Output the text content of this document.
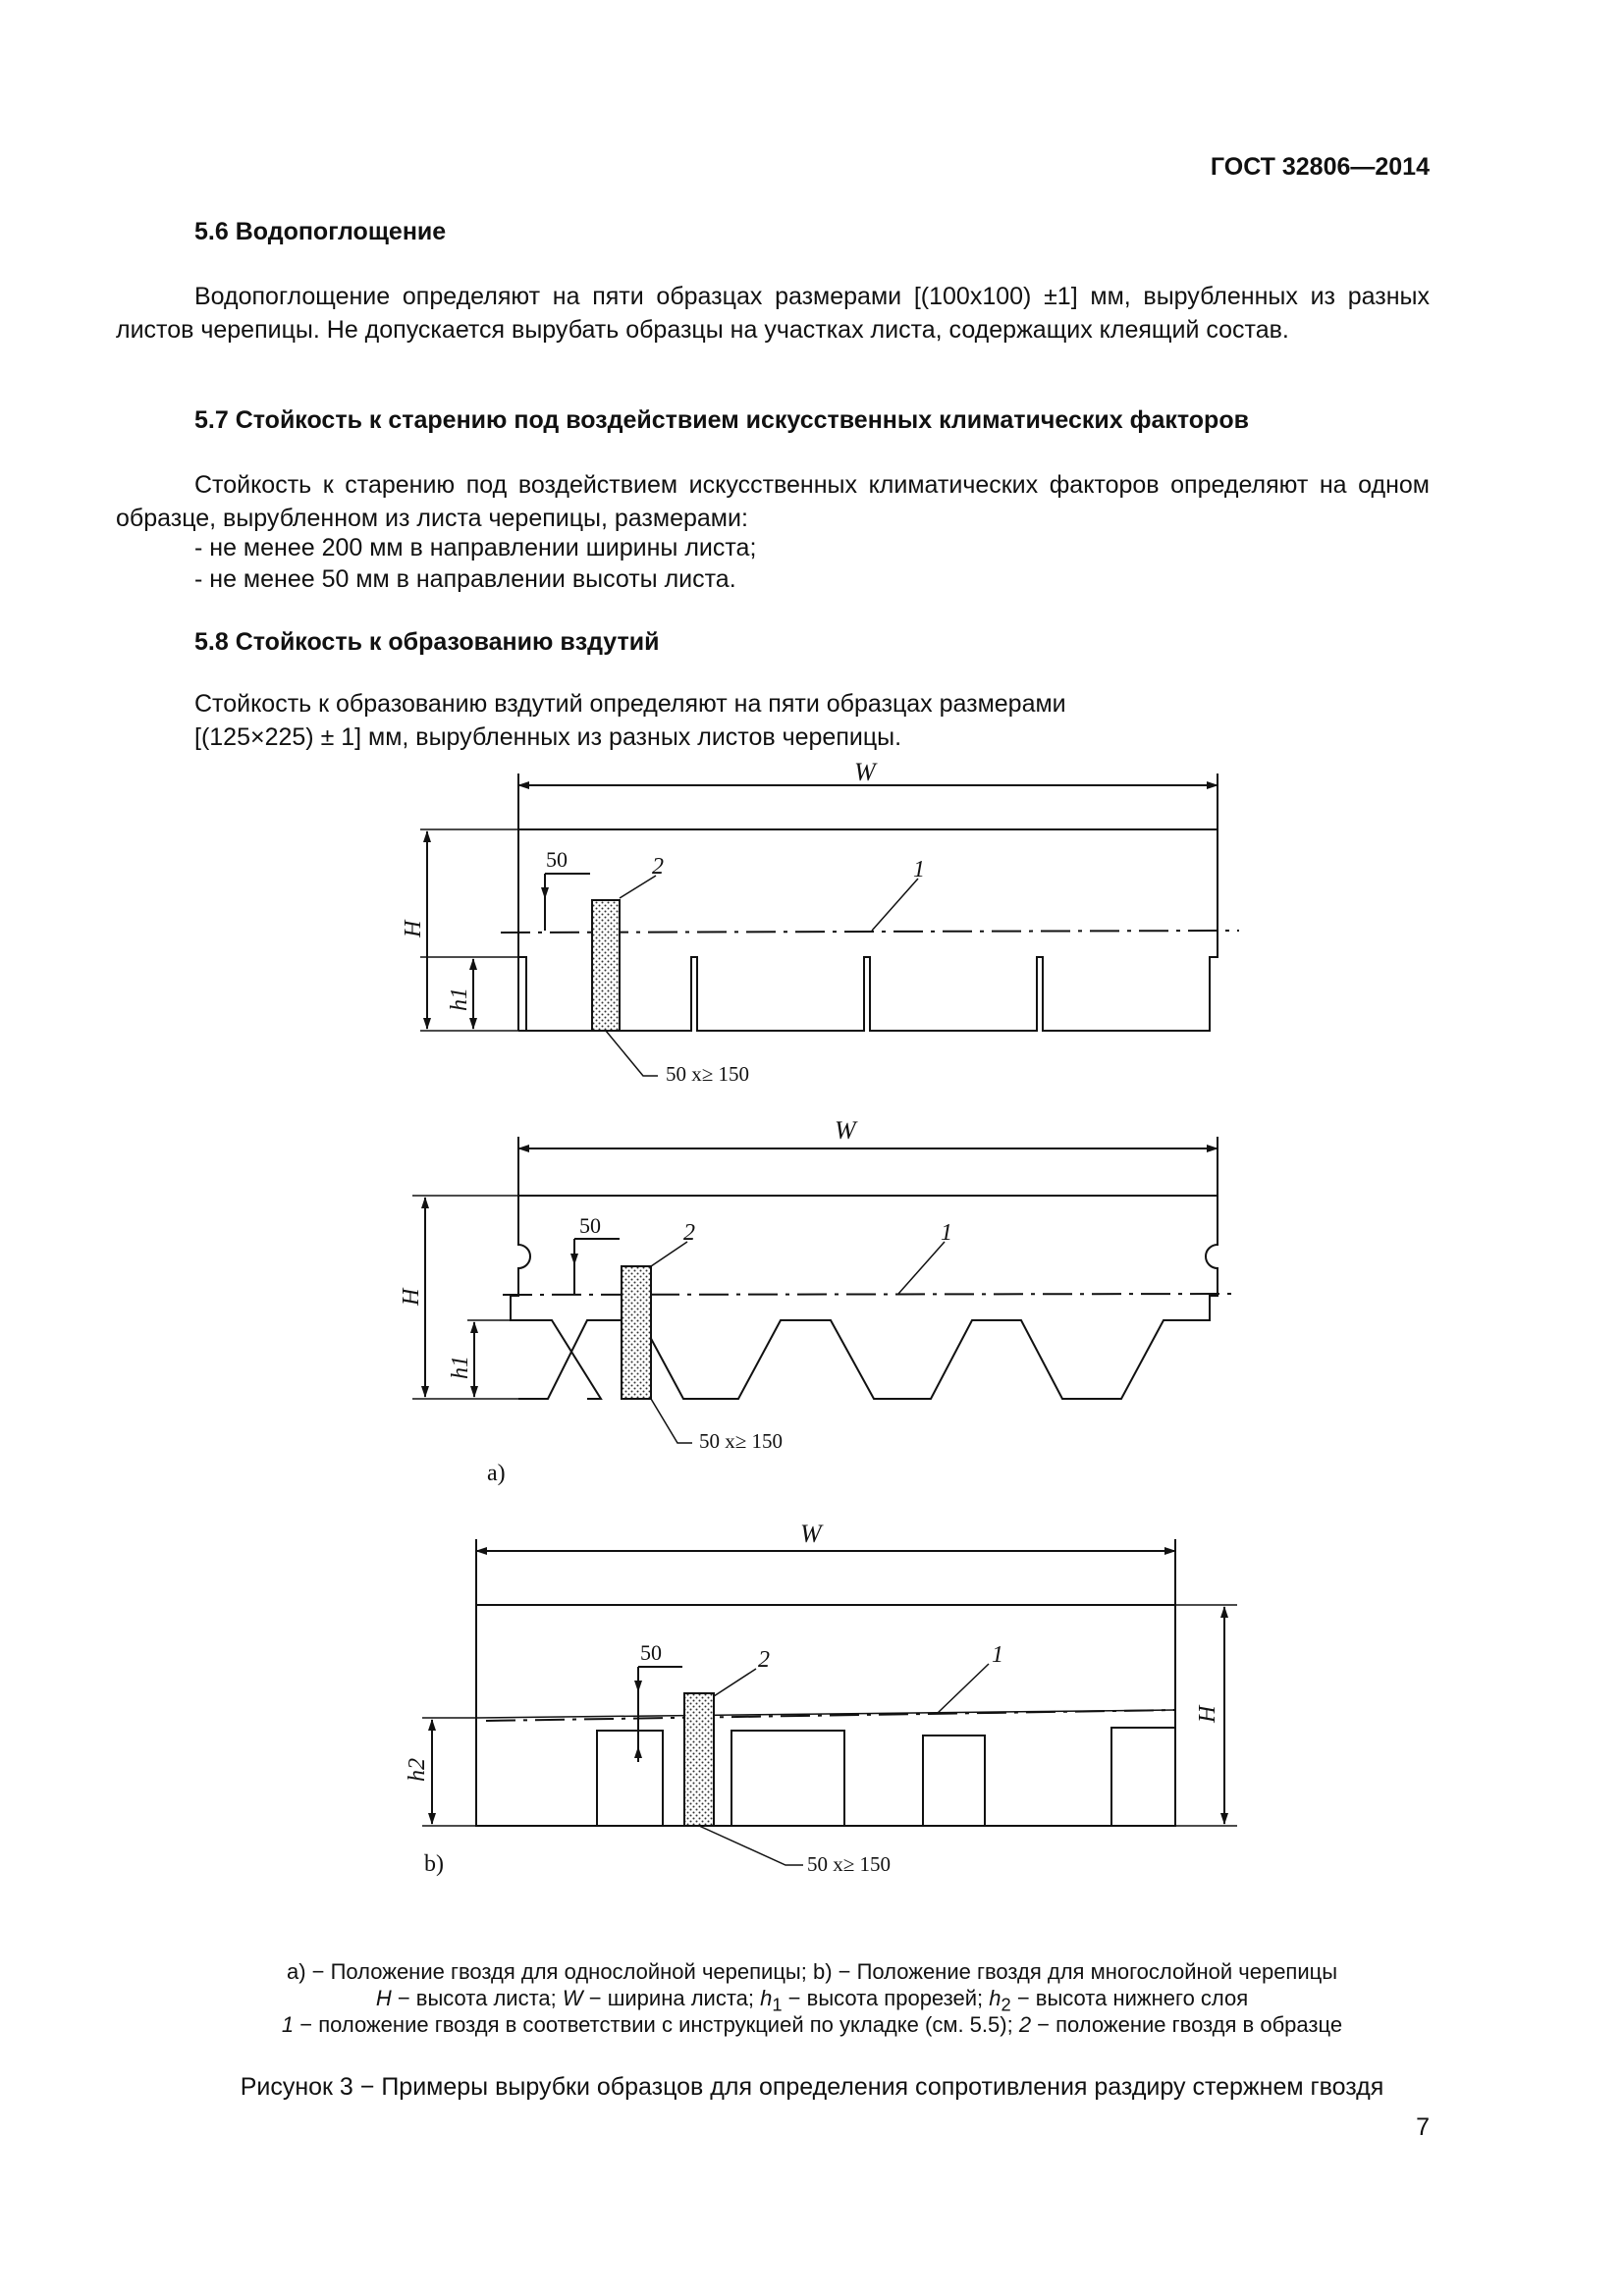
ГОСТ 32806—2014
5.6 Водопоглощение
Водопоглощение определяют на пяти образцах размерами [(100х100) ±1] мм, вырубленных из разных листов черепицы. Не допускается вырубать образцы на участках листа, содержащих клеящий состав.
5.7 Стойкость к старению под воздействием искусственных климатических факторов
Стойкость к старению под воздействием искусственных климатических факторов определяют на одном образце, вырубленном из листа черепицы, размерами:
- не менее 200 мм в направлении ширины листа;
- не менее 50 мм в направлении высоты листа.
5.8 Стойкость к образованию вздутий
Стойкость к образованию вздутий определяют на пяти образцах размерами
[(125×225) ± 1] мм, вырубленных из разных листов черепицы.
W
50	2	1
H
h1
50 х≥ 150
W
50	2	1
H
h1
50 х≥ 150
а)
W
50	2	1
H
h2
50 х≥ 150
b)
а) − Положение гвоздя для однослойной черепицы; b) − Положение гвоздя для многослойной черепицы
H − высота листа; W − ширина листа; $h_1$ − высота прорезей; $h_2$ − высота нижнего слоя
1 − положение гвоздя в соответствии с инструкцией по укладке (см. 5.5); 2 − положение гвоздя в образце
Рисунок 3 − Примеры вырубки образцов для определения сопротивления раздиру стержнем гвоздя
7
